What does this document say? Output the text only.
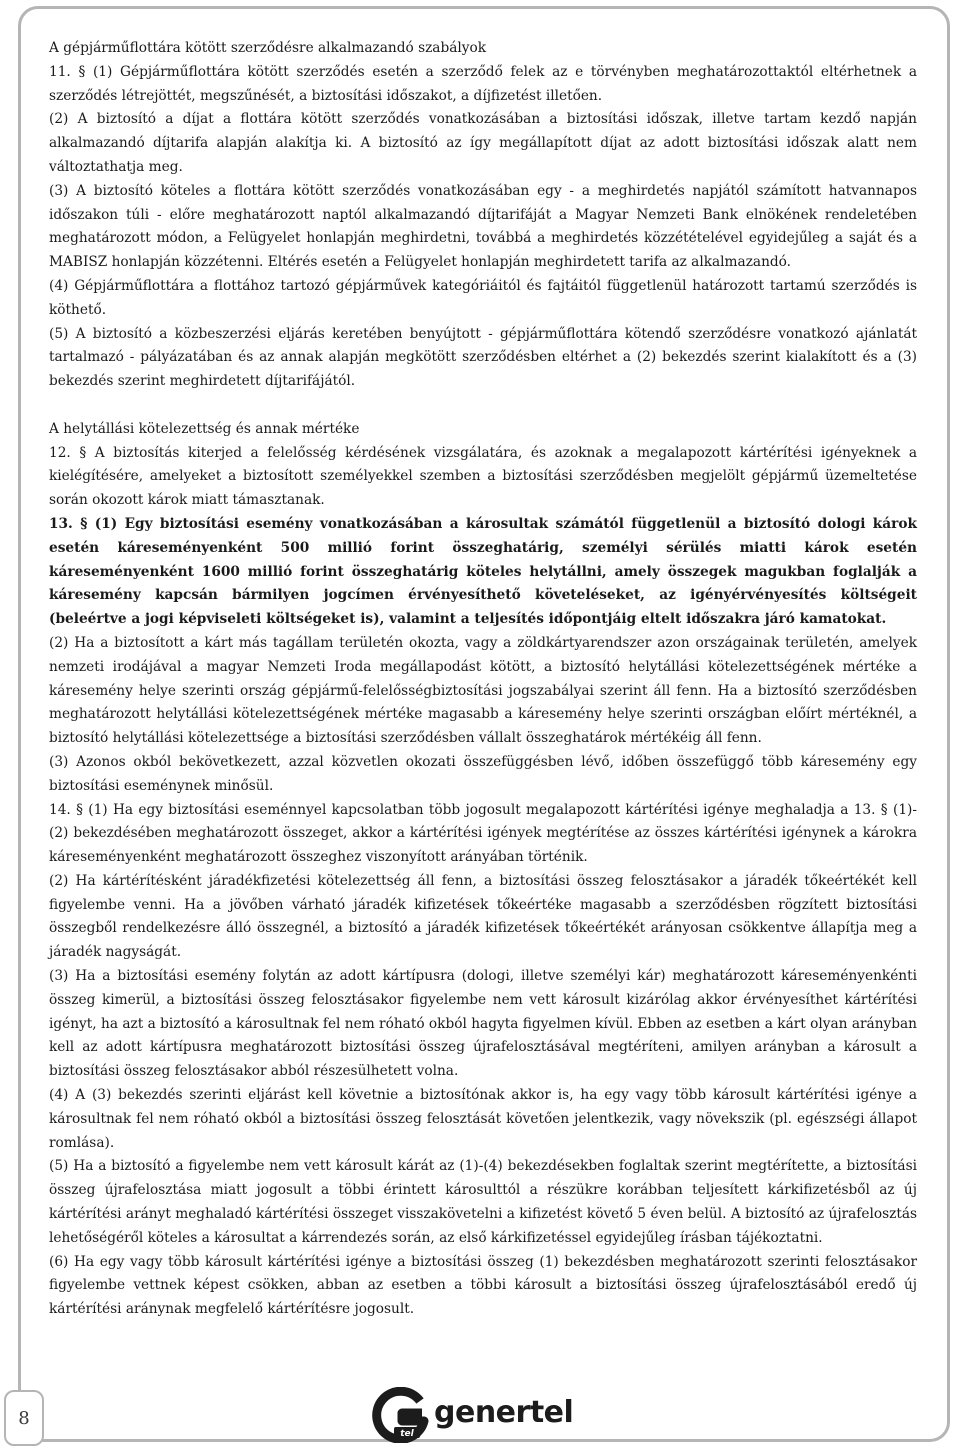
A gépjárműflottára kötött szerződésre alkalmazandó szabályok

11. § (1) Gépjárműflottára kötött szerződés esetén a szerződő felek az e törvényben meghatározottaktól eltérhetnek a szerződés létrejöttét, megszűnését, a biztosítási időszakot, a díjfizetést illetően.

(2) A biztosító a díjat a flottára kötött szerződés vonatkozásában a biztosítási időszak, illetve tartam kezdő napján alkalmazandó díjtarifa alapján alakítja ki. A biztosító az így megállapított díjat az adott biztosítási időszak alatt nem változtathatja meg.

(3) A biztosító köteles a flottára kötött szerződés vonatkozásában egy - a meghirdetés napjától számított hatvannapos időszakon túli - előre meghatározott naptól alkalmazandó díjtarifáját a Magyar Nemzeti Bank elnökének rendeletében meghatározott módon, a Felügyelet honlapján meghirdetni, továbbá a meghirdetés közzétételével egyidejűleg a saját és a MABISZ honlapján közzétenni. Eltérés esetén a Felügyelet honlapján meghirdetett tarifa az alkalmazandó.

(4) Gépjárműflottára a flottához tartozó gépjárművek kategóriáitól és fajtáitól függetlenül határozott tartamú szerződés is köthető.

(5) A biztosító a közbeszerzési eljárás keretében benyújtott - gépjárműflottára kötendő szerződésre vonatkozó ajánlatát tartalmazó - pályázatában és az annak alapján megkötött szerződésben eltérhet a (2) bekezdés szerint kialakított és a (3) bekezdés szerint meghirdetett díjtarifájától.

A helytállási kötelezettség és annak mértéke

12. § A biztosítás kiterjed a felelősség kérdésének vizsgálatára, és azoknak a megalapozott kártérítési igényeknek a kielégítésére, amelyeket a biztosított személyekkel szemben a biztosítási szerződésben megjelölt gépjármű üzemeltetése során okozott károk miatt támasztanak.

13. § (1) Egy biztosítási esemény vonatkozásában a károsultak számától függetlenül a biztosító dologi károk esetén káreseményenként 500 millió forint összeghatárig, személyi sérülés miatti károk esetén káreseményenként 1600 millió forint összeghatárig köteles helytállni, amely összegek magukban foglalják a káresemény kapcsán bármilyen jogcímen érvényesíthető követeléseket, az igényérvényesítés költségeit (beleértve a jogi képviseleti költségeket is), valamint a teljesítés időpontjáig eltelt időszakra járó kamatokat.

(2) Ha a biztosított a kárt más tagállam területén okozta, vagy a zöldkártyarendszer azon országainak területén, amelyek nemzeti irodájával a magyar Nemzeti Iroda megállapodást kötött, a biztosító helytállási kötelezettségének mértéke a káresemény helye szerinti ország gépjármű-felelősségbiztosítási jogszabályai szerint áll fenn. Ha a biztosító szerződésben meghatározott helytállási kötelezettségének mértéke magasabb a káresemény helye szerinti országban előírt mértéknél, a biztosító helytállási kötelezettsége a biztosítási szerződésben vállalt összeghatárok mértékéig áll fenn.

(3) Azonos okból bekövetkezett, azzal közvetlen okozati összefüggésben lévő, időben összefüggő több káresemény egy biztosítási eseménynek minősül.

14. § (1) Ha egy biztosítási eseménnyel kapcsolatban több jogosult megalapozott kártérítési igénye meghaladja a 13. § (1)-(2) bekezdésében meghatározott összeget, akkor a kártérítési igények megtérítése az összes kártérítési igénynek a károkra káreseményenként meghatározott összeghez viszonyított arányában történik.

(2) Ha kártérítésként járadékfizetési kötelezettség áll fenn, a biztosítási összeg felosztásakor a járadék tőkeértékét kell figyelembe venni. Ha a jövőben várható járadék kifizetések tőkeértéke magasabb a szerződésben rögzített biztosítási összegből rendelkezésre álló összegnél, a biztosító a járadék kifizetések tőkeértékét arányosan csökkentve állapítja meg a járadék nagyságát.

(3) Ha a biztosítási esemény folytán az adott kártípusra (dologi, illetve személyi kár) meghatározott káreseményenkénti összeg kimerül, a biztosítási összeg felosztásakor figyelembe nem vett károsult kizárólag akkor érvényesíthet kártérítési igényt, ha azt a biztosító a károsultnak fel nem róható okból hagyta figyelmen kívül. Ebben az esetben a kárt olyan arányban kell az adott kártípusra meghatározott biztosítási összeg újrafelosztásával megtéríteni, amilyen arányban a károsult a biztosítási összeg felosztásakor abból részesülhetett volna.

(4) A (3) bekezdés szerinti eljárást kell követnie a biztosítónak akkor is, ha egy vagy több károsult kártérítési igénye a károsultnak fel nem róható okból a biztosítási összeg felosztását követően jelentkezik, vagy növekszik (pl. egészségi állapot romlása).

(5) Ha a biztosító a figyelembe nem vett károsult kárát az (1)-(4) bekezdésekben foglaltak szerint megtérítette, a biztosítási összeg újrafelosztása miatt jogosult a többi érintett károsulttól a részükre korábban teljesített kárkifizetésből az új kártérítési arányt meghaladó kártérítési összeget visszakövetelni a kifizetést követő 5 éven belül. A biztosító az újrafelosztás lehetőségéről köteles a károsultat a kárrendezés során, az első kárkifizetéssel egyidejűleg írásban tájékoztatni.

(6) Ha egy vagy több károsult kártérítési igénye a biztosítási összeg (1) bekezdésben meghatározott szerinti felosztásakor figyelembe vettnek képest csökken, abban az esetben a többi károsult a biztosítási összeg újrafelosztásából eredő új kártérítési aránynak megfelelő kártérítésre jogosult.

8
tel
genertel
